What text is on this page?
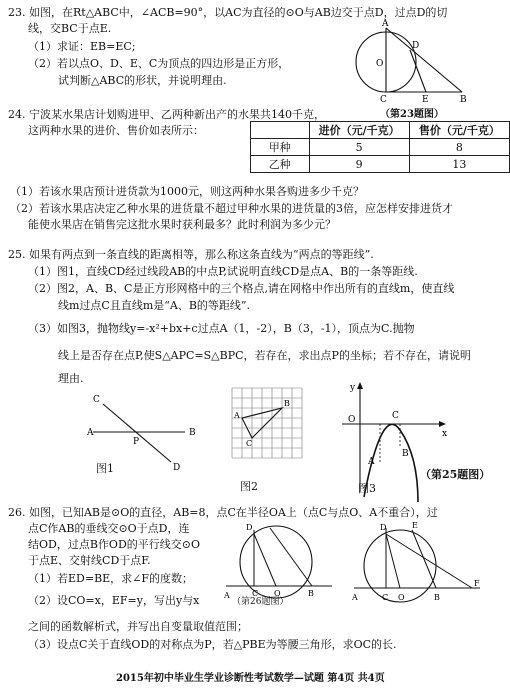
23. 如图，在Rt△ABC中，∠ACB=90°，以AC为直径的⊙O与AB边交于点D，过点D的切
线，交BC于点E.
（1）求证：EB=EC;
（2）若以点O、D、E、C为顶点的四边形是正方形，
试判断△ABC的形状，并说明理由.
A
O
D
C	E	B
24. 宁波某水果店计划购进甲、乙两种新出产的水果共140千克，
这两种水果的进价、售价如表所示：
（第23题图）
	进价（元/千克）	售价（元/千克）
甲种	5	8
乙种	9	13
（1）若该水果店预计进货款为1000元，则这两种水果各购进多少千克？
（2）若该水果店决定乙种水果的进货量不超过甲种水果的进货量的3倍，应怎样安排进货才
能使水果店在销售完这批水果时获利最多？此时利润为多少元？
25. 如果有两点到一条直线的距离相等，那么称这条直线为“两点的等距线”.
（1）图1，直线CD经过线段AB的中点P,试说明直线CD是点A、B的一条等距线.
（2）图2，A、B、C是正方形网格中的三个格点,请在网格中作出所有的直线m，使直线
线m过点C且直线m是“A、B的等距线”.
（3）如图3，抛物线y=-x²+bx+c过点A（1，-2），B（3，-1），顶点为C.抛物
线上是否存在点P,使S△APC=S△BPC，若存在，求出点P的坐标；若不存在，请说明
理由.
C
A
P
B
D
图1
A
B
C
图2
y
x
O
A
B
C
图3
（第25题图）
26. 如图，已知AB是⊙O的直径，AB=8，点C在半径OA上（点C与点O、A不重合），过
点C作AB的垂线交⊙O于点D，连
结OD，过点B作OD的平行线交⊙O
于点E、交射线CD于点F.
（1）若ED=BE，求∠F的度数；
（2）设CO=x，EF=y，写出y与x
之间的函数解析式，并写出自变量取值范围；
（3）设点C关于直线OD的对称点为P，若△PBE为等腰三角形，求OC的长.
A	C O	B
D
（第26题图）	A	C O	B
D	E
F
2015年初中毕业生学业诊断性考试数学—试题 第4页 共4页
